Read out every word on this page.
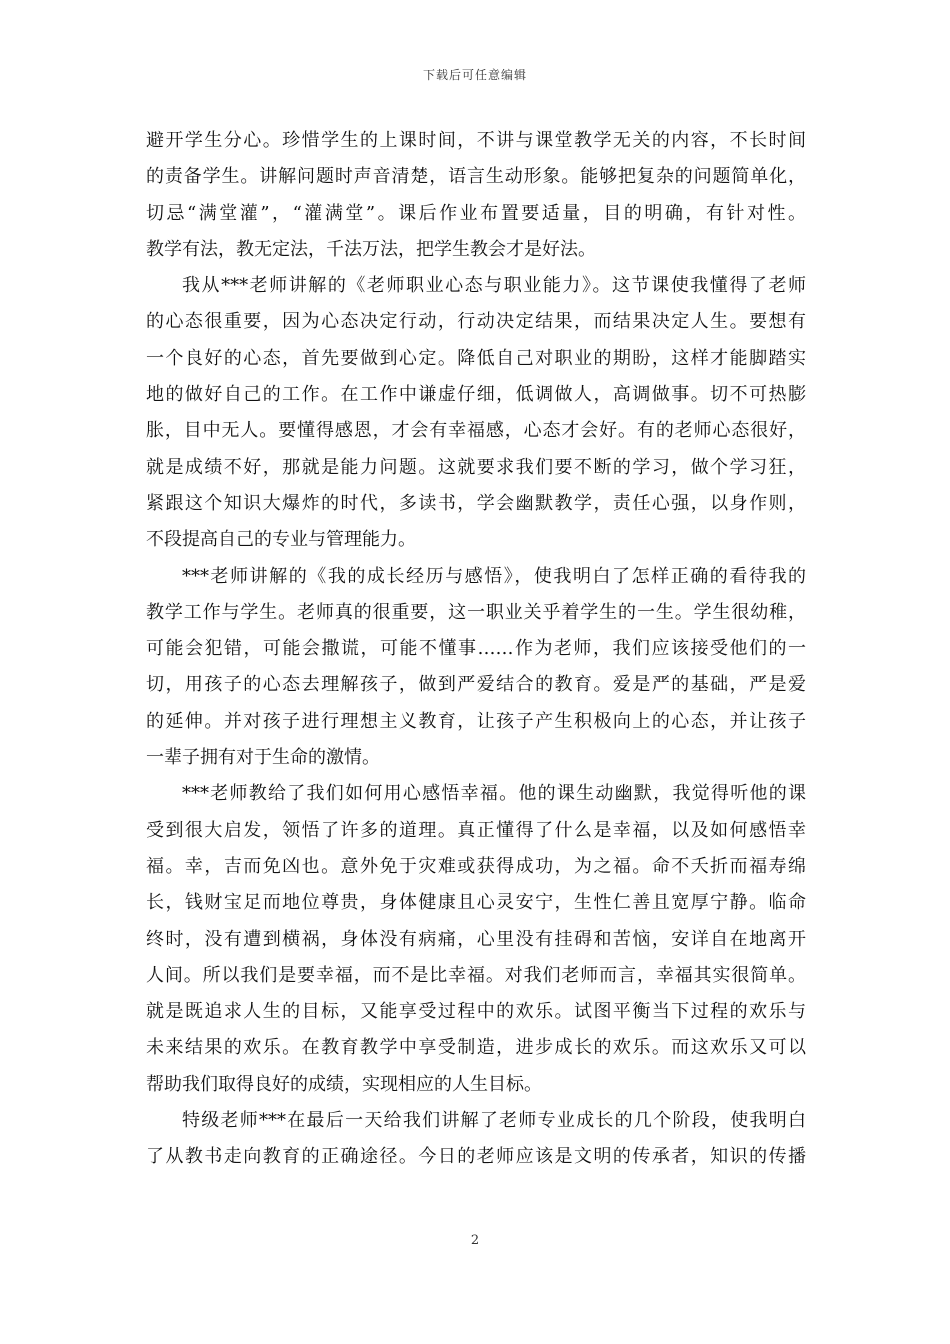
下载后可任意编辑
避开学生分心。珍惜学生的上课时间，不讲与课堂教学无关的内容，不长时间
的责备学生。讲解问题时声音清楚，语言生动形象。能够把复杂的问题简单化，
切忌“满堂灌”，“灌满堂”。课后作业布置要适量，目的明确，有针对性。
教学有法，教无定法，千法万法，把学生教会才是好法。
我从***老师讲解的《老师职业心态与职业能力》。这节课使我懂得了老师
的心态很重要，因为心态决定行动，行动决定结果，而结果决定人生。要想有
一个良好的心态，首先要做到心定。降低自己对职业的期盼，这样才能脚踏实
地的做好自己的工作。在工作中谦虚仔细，低调做人，高调做事。切不可热膨
胀，目中无人。要懂得感恩，才会有幸福感，心态才会好。有的老师心态很好，
就是成绩不好，那就是能力问题。这就要求我们要不断的学习，做个学习狂，
紧跟这个知识大爆炸的时代，多读书，学会幽默教学，责任心强，以身作则，
不段提高自己的专业与管理能力。
***老师讲解的《我的成长经历与感悟》，使我明白了怎样正确的看待我的
教学工作与学生。老师真的很重要，这一职业关乎着学生的一生。学生很幼稚，
可能会犯错，可能会撒谎，可能不懂事……作为老师，我们应该接受他们的一
切，用孩子的心态去理解孩子，做到严爱结合的教育。爱是严的基础，严是爱
的延伸。并对孩子进行理想主义教育，让孩子产生积极向上的心态，并让孩子
一辈子拥有对于生命的激情。
***老师教给了我们如何用心感悟幸福。他的课生动幽默，我觉得听他的课
受到很大启发，领悟了许多的道理。真正懂得了什么是幸福，以及如何感悟幸
福。幸，吉而免凶也。意外免于灾难或获得成功，为之福。命不夭折而福寿绵
长，钱财宝足而地位尊贵，身体健康且心灵安宁，生性仁善且宽厚宁静。临命
终时，没有遭到横祸，身体没有病痛，心里没有挂碍和苦恼，安详自在地离开
人间。所以我们是要幸福，而不是比幸福。对我们老师而言，幸福其实很简单。
就是既追求人生的目标，又能享受过程中的欢乐。试图平衡当下过程的欢乐与
未来结果的欢乐。在教育教学中享受制造，进步成长的欢乐。而这欢乐又可以
帮助我们取得良好的成绩，实现相应的人生目标。
特级老师***在最后一天给我们讲解了老师专业成长的几个阶段，使我明白
了从教书走向教育的正确途径。今日的老师应该是文明的传承者，知识的传播
2
